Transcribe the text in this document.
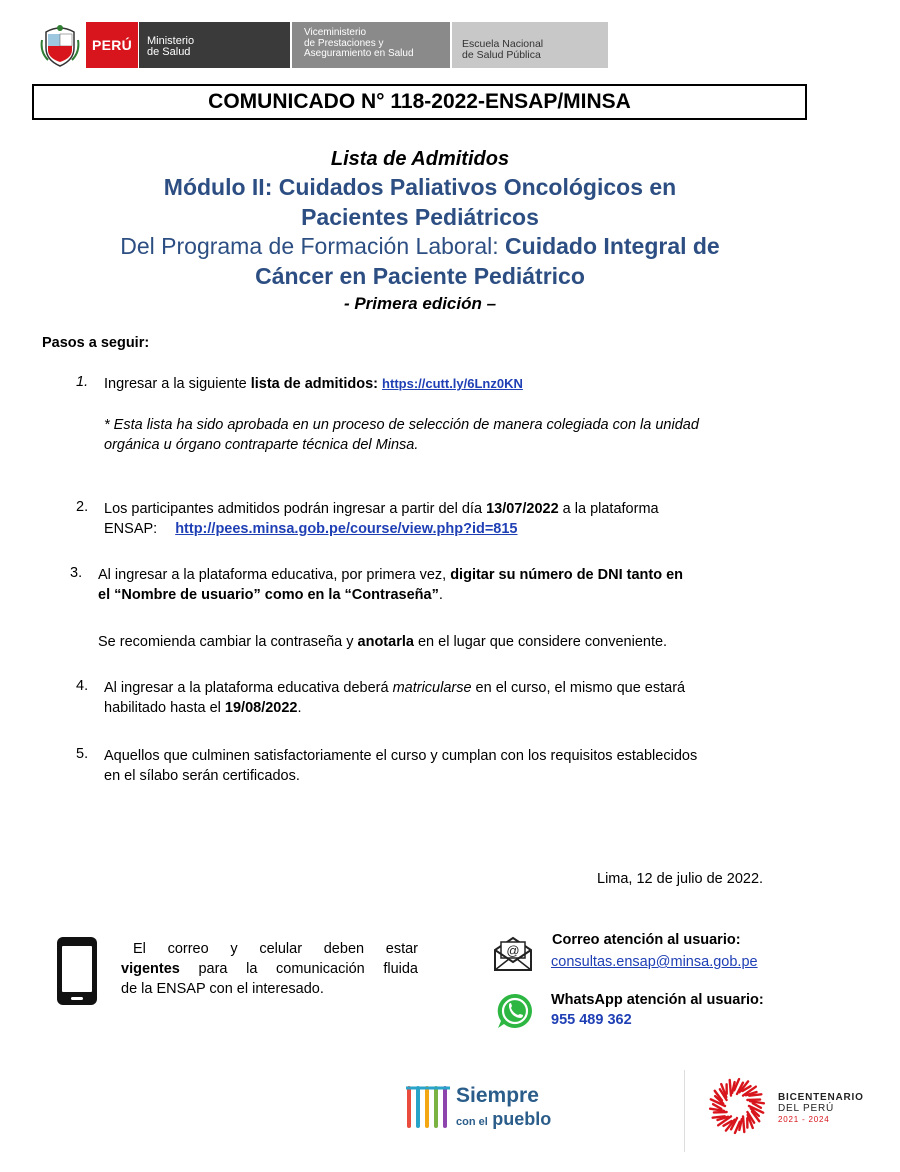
PERÚ	Ministerio
de Salud
Viceministerio
de Prestaciones y
Aseguramiento en Salud
Escuela Nacional
de Salud Pública
COMUNICADO N° 118-2022-ENSAP/MINSA
Lista de Admitidos
Módulo II: Cuidados Paliativos Oncológicos en
Pacientes Pediátricos
Del Programa de Formación Laboral: Cuidado Integral de
Cáncer en Paciente Pediátrico
- Primera edición –
Pasos a seguir:
1. Ingresar a la siguiente lista de admitidos: https://cutt.ly/6Lnz0KN
* Esta lista ha sido aprobada en un proceso de selección de manera colegiada con la unidad
orgánica u órgano contraparte técnica del Minsa.
2. Los participantes admitidos podrán ingresar a partir del día 13/07/2022 a la plataforma
ENSAP: http://pees.minsa.gob.pe/course/view.php?id=815
3. Al ingresar a la plataforma educativa, por primera vez, digitar su número de DNI tanto en
el “Nombre de usuario” como en la “Contraseña”.
Se recomienda cambiar la contraseña y anotarla en el lugar que considere conveniente.
4. Al ingresar a la plataforma educativa deberá matricularse en el curso, el mismo que estará
habilitado hasta el 19/08/2022.
5. Aquellos que culminen satisfactoriamente el curso y cumplan con los requisitos establecidos
en el sílabo serán certificados.
Lima, 12 de julio de 2022.
El correo y celular deben estar
vigentes para la comunicación fluida
de la ENSAP con el interesado.
@
Correo atención al usuario:
consultas.ensap@minsa.gob.pe
WhatsApp atención al usuario:
955 489 362
Siempre
con el pueblo
BICENTENARIO
DEL PERÚ
2021 - 2024
